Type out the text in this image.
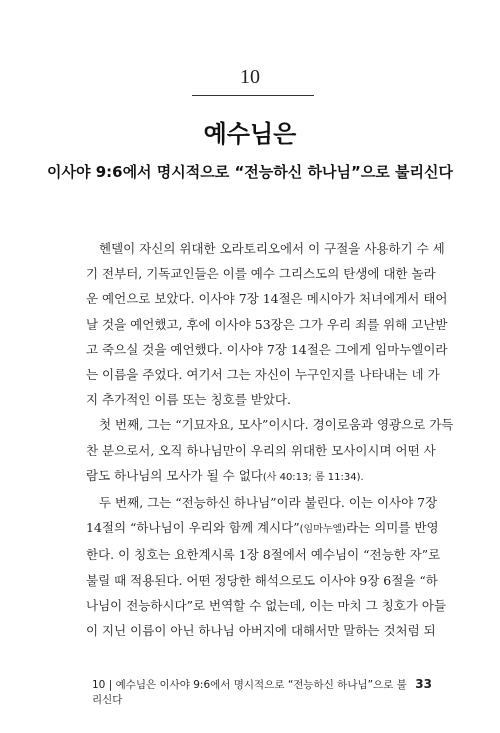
10
예수님은
이사야 9:6에서 명시적으로 “전능하신 하나님”으로 불리신다
헨델이 자신의 위대한 오라토리오에서 이 구절을 사용하기 수 세
기 전부터, 기독교인들은 이를 예수 그리스도의 탄생에 대한 놀라
운 예언으로 보았다. 이사야 7장 14절은 메시아가 처녀에게서 태어
날 것을 예언했고, 후에 이사야 53장은 그가 우리 죄를 위해 고난받
고 죽으실 것을 예언했다. 이사야 7장 14절은 그에게 임마누엘이라
는 이름을 주었다. 여기서 그는 자신이 누구인지를 나타내는 네 가
지 추가적인 이름 또는 칭호를 받았다.
첫 번째, 그는 “기묘자요, 모사”이시다. 경이로움과 영광으로 가득
찬 분으로서, 오직 하나님만이 우리의 위대한 모사이시며 어떤 사
람도 하나님의 모사가 될 수 없다(사 40:13; 롬 11:34).
두 번째, 그는 “전능하신 하나님”이라 불린다. 이는 이사야 7장
14절의 “하나님이 우리와 함께 계시다”(임마누엘)라는 의미를 반영
한다. 이 칭호는 요한계시록 1장 8절에서 예수님이 “전능한 자”로
불릴 때 적용된다. 어떤 정당한 해석으로도 이사야 9장 6절을 “하
나님이 전능하시다”로 번역할 수 없는데, 이는 마치 그 칭호가 아들
이 지닌 이름이 아닌 하나님 아버지에 대해서만 말하는 것처럼 되
10 | 예수님은 이사야 9:6에서 명시적으로 “전능하신 하나님”으로 불리신다
33
